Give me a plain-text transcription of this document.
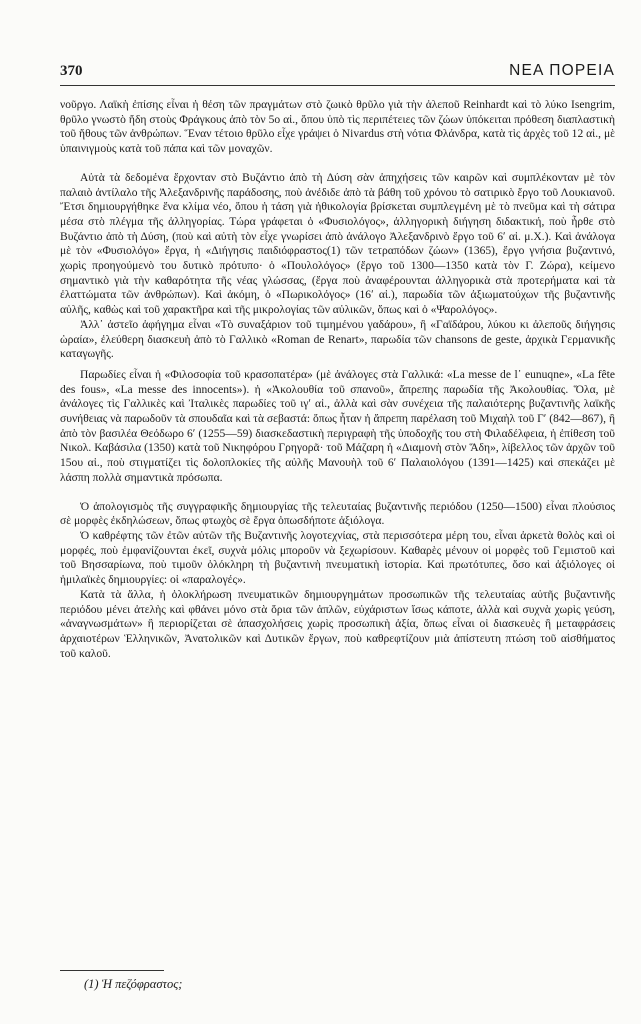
370	ΝΕΑ ΠΟΡΕΙΑ

νοῦργο. Λαϊκὴ ἐπίσης εἶναι ἡ θέση τῶν πραγμάτων στὸ ζωικὸ θρῦλο γιὰ τὴν ἀλεποῦ Reinhardt καὶ τὸ λύκο Isengrim, θρῦλο γνωστὸ ἤδη στοὺς Φράγκους ἀπὸ τὸν 5ο αἱ., ὅπου ὑπὸ τὶς περιπέτειες τῶν ζώων ὑπόκειται πρόθεση διαπλαστικὴ τοῦ ἤθους τῶν ἀνθρώπων. Ἕναν τέτοιο θρῦλο εἶχε γράψει ὁ Nivardus στὴ νότια Φλάνδρα, κατὰ τὶς ἀρχὲς τοῦ 12 αἱ., μὲ ὑπαινιγμοὺς κατὰ τοῦ πάπα καὶ τῶν μοναχῶν.

Αὐτὰ τὰ δεδομένα ἔρχονταν στὸ Βυζάντιο ἀπὸ τὴ Δύση σὰν ἀπηχήσεις τῶν καιρῶν καὶ συμπλέκονταν μὲ τὸν παλαιὸ ἀντίλαλο τῆς Ἀλεξανδρινῆς παράδοσης, ποὺ ἀνέδιδε ἀπὸ τὰ βάθη τοῦ χρόνου τὸ σατιρικὸ ἔργο τοῦ Λουκιανοῦ. Ἔτσι δημιουργήθηκε ἕνα κλίμα νέο, ὅπου ἡ τάση γιὰ ἠθικολογία βρίσκεται συμπλεγμένη μὲ τὸ πνεῦμα καὶ τὴ σάτιρα μέσα στὸ πλέγμα τῆς ἀλληγορίας. Τώρα γράφεται ὁ «Φυσιολόγος», ἀλληγορικὴ διήγηση διδακτική, ποὺ ἦρθε στὸ Βυζάντιο ἀπὸ τὴ Δύση, (ποὺ καὶ αὐτὴ τὸν εἶχε γνωρίσει ἀπὸ ἀνάλογο Ἀλεξανδρινὸ ἔργο τοῦ 6ʹ αἱ. μ.Χ.). Καὶ ἀνάλογα μὲ τὸν «Φυσιολόγο» ἔργα, ἡ «Διήγησις παιδιόφραστος(1) τῶν τετραπόδων ζώων» (1365), ἔργο γνήσια βυζαντινό, χωρὶς προηγούμενὸ του δυτικὸ πρότυπο· ὁ «Πουλολόγος» (ἔργο τοῦ 1300—1350 κατὰ τὸν Γ. Ζώρα), κείμενο σημαντικὸ γιὰ τὴν καθαρότητα τῆς νέας γλώσσας, (ἔργα ποὺ ἀναφέρουνται ἀλληγορικὰ στὰ προτερήματα καὶ τὰ ἐλαττώματα τῶν ἀνθρώπων). Καὶ ἀκόμη, ὁ «Πωρικολόγος» (16ʹ αἱ.), παρωδία τῶν ἀξιωματούχων τῆς βυζαντινῆς αὐλῆς, καθὼς καὶ τοῦ χαρακτῆρα καὶ τῆς μικρολογίας τῶν αὐλικῶν, ὅπως καὶ ὁ «Ψαρολόγος».

Ἀλλ᾽ ἀστεῖο ἀφήγημα εἶναι «Τὸ συναξάριον τοῦ τιμημένου γαδάρου», ἢ «Γαϊδάρου, λύκου κι ἀλεποῦς διήγησις ὡραία», ἐλεύθερη διασκευὴ ἀπὸ τὸ Γαλλικὸ «Roman de Renart», παρωδία τῶν chansons de geste, ἀρχικὰ Γερμανικῆς καταγωγῆς.

Παρωδίες εἶναι ἡ «Φιλοσοφία τοῦ κρασοπατέρα» (μὲ ἀνάλογες στὰ Γαλλικά: «La messe de l᾽ eunuqne», «La fête des fous», «La messe des innocents»). ἡ «Ἀκολουθία τοῦ σπανοῦ», ἄπρεπης παρωδία τῆς Ἀκολουθίας. Ὅλα, μὲ ἀνάλογες τὶς Γαλλικὲς καὶ Ἰταλικὲς παρωδίες τοῦ ιγʹ αἱ., ἀλλὰ καὶ σὰν συνέχεια τῆς παλαιότερης βυζαντινῆς λαϊκῆς συνήθειας νὰ παρωδοῦν τὰ σπουδαῖα καὶ τὰ σεβαστά: ὅπως ἦταν ἡ ἄπρεπη παρέλαση τοῦ Μιχαὴλ τοῦ Γʹ (842—867), ἢ ἀπὸ τὸν βασιλέα Θεόδωρο 6ʹ (1255—59) διασκεδαστικὴ περιγραφὴ τῆς ὑποδοχῆς του στὴ Φιλαδέλφεια, ἡ ἐπίθεση τοῦ Νικολ. Καβάσιλα (1350) κατὰ τοῦ Νικηφόρου Γρηγορᾶ· τοῦ Μάζαρη ἡ «Διαμονὴ στὸν Ἅδη», λίβελλος τῶν ἀρχῶν τοῦ 15ου αἱ., ποὺ στιγματίζει τὶς δολοπλοκίες τῆς αὐλῆς Μανουὴλ τοῦ 6ʹ Παλαιολόγου (1391—1425) καὶ σπεκάζει μὲ λάσπη πολλὰ σημαντικὰ πρόσωπα.

Ὁ ἀπολογισμὸς τῆς συγγραφικῆς δημιουργίας τῆς τελευταίας βυζαντινῆς περιόδου (1250—1500) εἶναι πλούσιος σὲ μορφὲς ἐκδηλώσεων, ὅπως φτωχὸς σὲ ἔργα ὁπωσδήποτε ἀξιόλογα.

Ὁ καθρέφτης τῶν ἐτῶν αὐτῶν τῆς Βυζαντινῆς λογοτεχνίας, στὰ περισσότερα μέρη του, εἶναι ἀρκετὰ θολὸς καὶ οἱ μορφές, ποὺ ἐμφανίζουνται ἐκεῖ, συχνὰ μόλις μποροῦν νὰ ξεχωρίσουν. Καθαρὲς μένουν οἱ μορφὲς τοῦ Γεμιστοῦ καὶ τοῦ Βησσαρίωνα, ποὺ τιμοῦν ὁλόκληρη τὴ βυζαντινὴ πνευματικὴ ἱστορία. Καὶ πρωτότυπες, ὅσο καὶ ἀξιόλογες οἱ ἠμιλαϊκὲς δημιουργίες: οἱ «παραλογές».

Κατὰ τὰ ἄλλα, ἡ ὁλοκλήρωση πνευματικῶν δημιουργημάτων προσωπικῶν τῆς τελευταίας αὐτῆς βυζαντινῆς περιόδου μένει ἀτελὴς καὶ φθάνει μόνο στὰ ὅρια τῶν ἁπλῶν, εὐχάριστων ἴσως κάποτε, ἀλλὰ καὶ συχνὰ χωρὶς γεύση, «ἀναγνωσμάτων» ἢ περιορίζεται σὲ ἀπασχολήσεις χωρὶς προσωπικὴ ἀξία, ὅπως εἶναι οἱ διασκευὲς ἢ μεταφράσεις ἀρχαιοτέρων Ἑλληνικῶν, Ἀνατολικῶν καὶ Δυτικῶν ἔργων, ποὺ καθρεφτίζουν μιὰ ἀπίστευτη πτώση τοῦ αἰσθήματος τοῦ καλοῦ.

(1) Ἡ πεζόφραστος;
